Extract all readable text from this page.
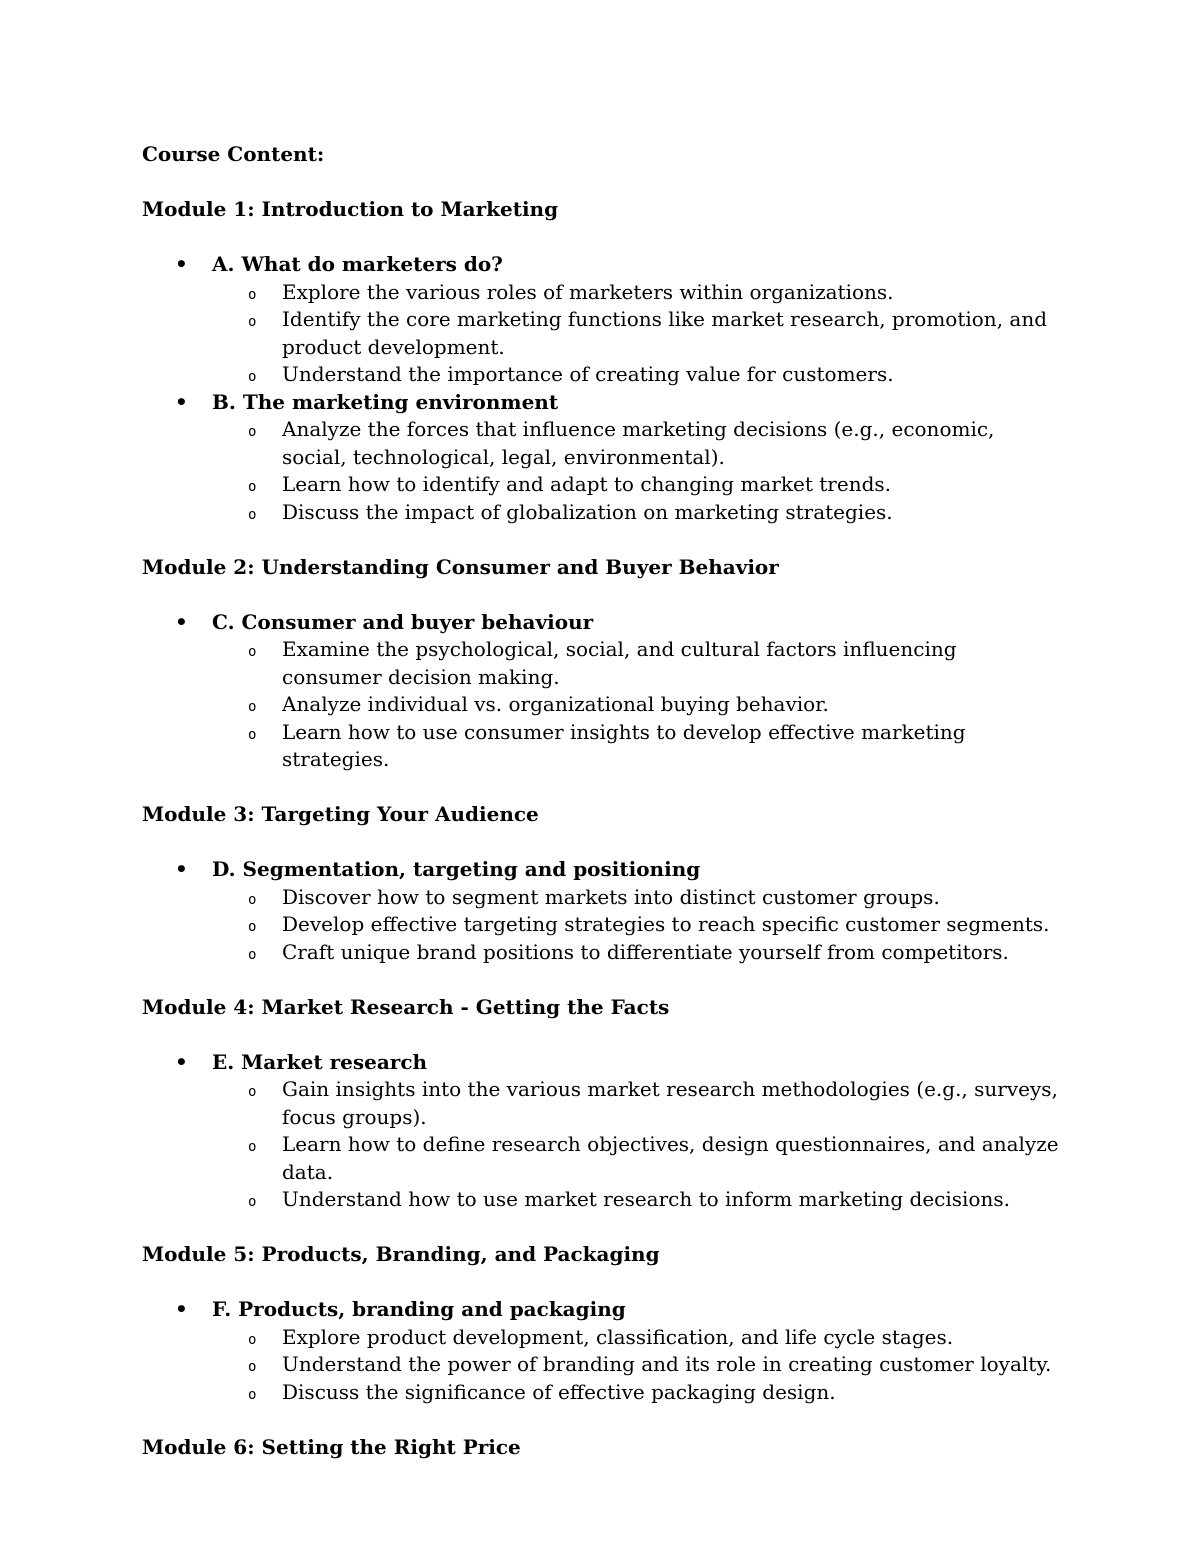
Course Content:
Module 1: Introduction to Marketing
• A. What do marketers do?
o Explore the various roles of marketers within organizations.
o Identify the core marketing functions like market research, promotion, and product development.
o Understand the importance of creating value for customers.
• B. The marketing environment
o Analyze the forces that influence marketing decisions (e.g., economic, social, technological, legal, environmental).
o Learn how to identify and adapt to changing market trends.
o Discuss the impact of globalization on marketing strategies.
Module 2: Understanding Consumer and Buyer Behavior
• C. Consumer and buyer behaviour
o Examine the psychological, social, and cultural factors influencing consumer decision making.
o Analyze individual vs. organizational buying behavior.
o Learn how to use consumer insights to develop effective marketing strategies.
Module 3: Targeting Your Audience
• D. Segmentation, targeting and positioning
o Discover how to segment markets into distinct customer groups.
o Develop effective targeting strategies to reach specific customer segments.
o Craft unique brand positions to differentiate yourself from competitors.
Module 4: Market Research - Getting the Facts
• E. Market research
o Gain insights into the various market research methodologies (e.g., surveys, focus groups).
o Learn how to define research objectives, design questionnaires, and analyze data.
o Understand how to use market research to inform marketing decisions.
Module 5: Products, Branding, and Packaging
• F. Products, branding and packaging
o Explore product development, classification, and life cycle stages.
o Understand the power of branding and its role in creating customer loyalty.
o Discuss the significance of effective packaging design.
Module 6: Setting the Right Price
